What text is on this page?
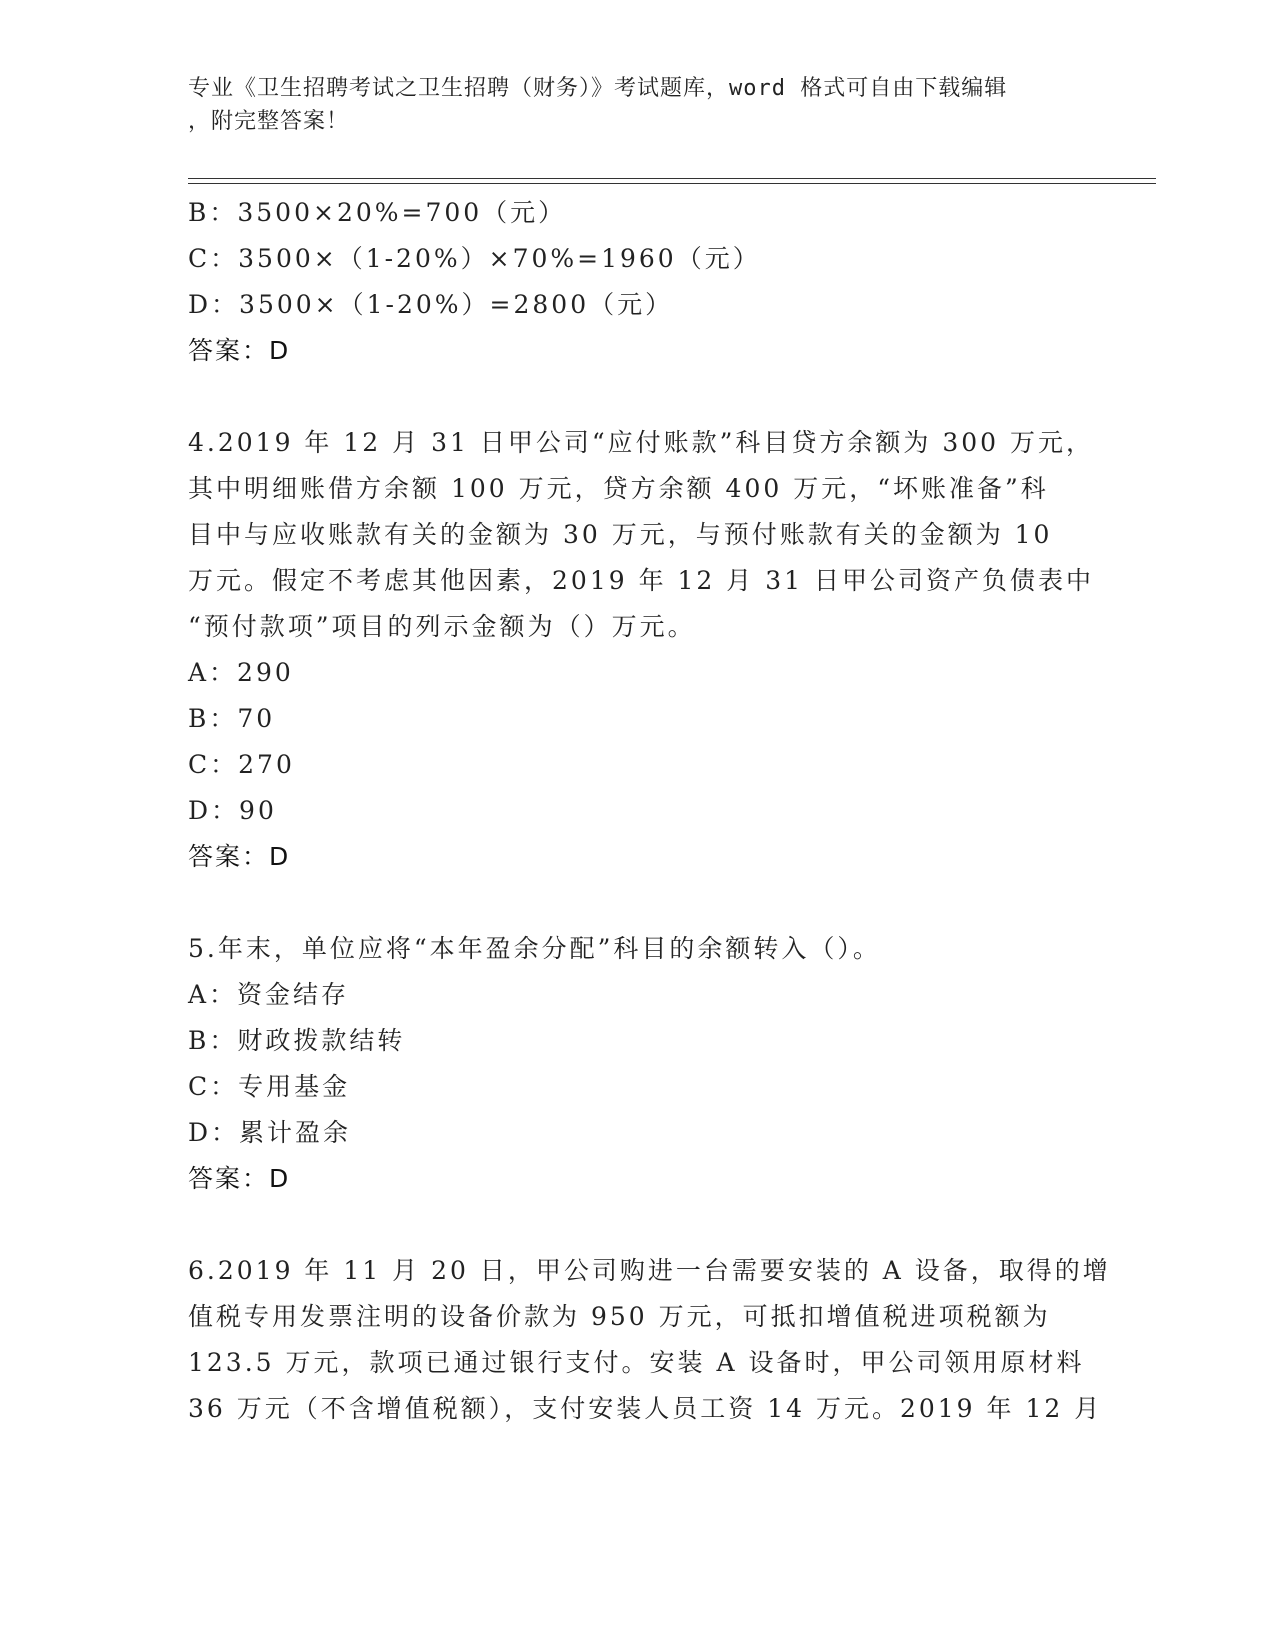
专业《卫生招聘考试之卫生招聘（财务）》考试题库，word 格式可自由下载编辑
，附完整答案！
B：3500×20%=700（元）
C：3500×（1-20%）×70%=1960（元）
D：3500×（1-20%）=2800（元）
答案：D
4.2019 年 12 月 31 日甲公司“应付账款”科目贷方余额为 300 万元，
其中明细账借方余额 100 万元，贷方余额 400 万元，“坏账准备”科
目中与应收账款有关的金额为 30 万元，与预付账款有关的金额为 10
万元。假定不考虑其他因素，2019 年 12 月 31 日甲公司资产负债表中
“预付款项”项目的列示金额为（）万元。
A：290
B：70
C：270
D：90
答案：D
5.年末，单位应将“本年盈余分配”科目的余额转入（）。
A：资金结存
B：财政拨款结转
C：专用基金
D：累计盈余
答案：D
6.2019 年 11 月 20 日，甲公司购进一台需要安装的 A 设备，取得的增
值税专用发票注明的设备价款为 950 万元，可抵扣增值税进项税额为
123.5 万元，款项已通过银行支付。安装 A 设备时，甲公司领用原材料
36 万元（不含增值税额），支付安装人员工资 14 万元。2019 年 12 月
